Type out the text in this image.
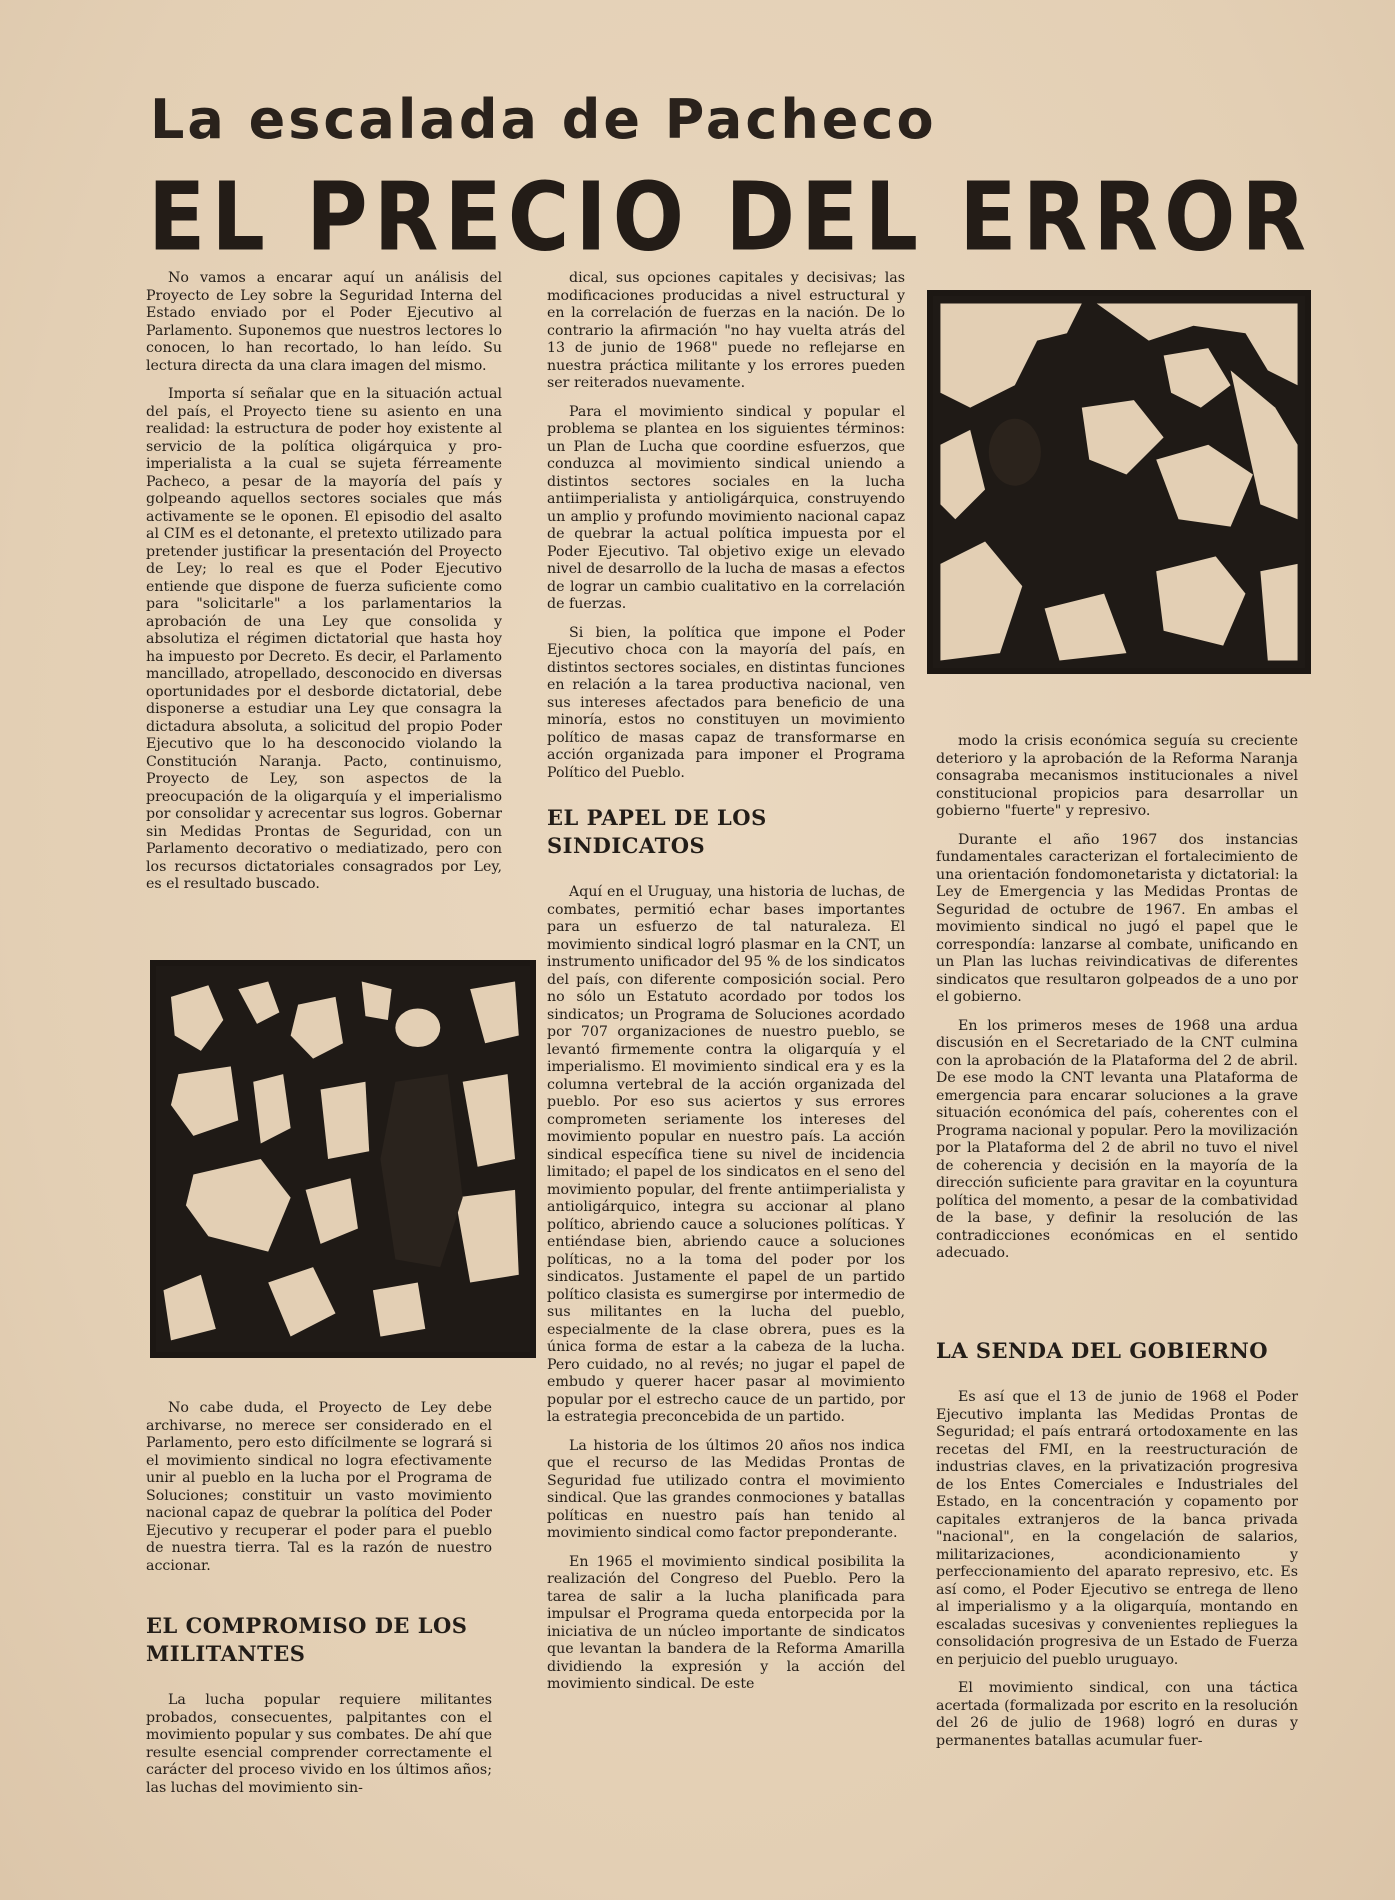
La escalada de Pacheco
EL PRECIO DEL ERROR

No vamos a encarar aquí un análisis del Proyecto de Ley sobre la Seguridad Interna del Estado enviado por el Poder Ejecutivo al Parlamento. Suponemos que nuestros lectores lo conocen, lo han recortado, lo han leído. Su lectura directa da una clara imagen del mismo.

Importa sí señalar que en la situación actual del país, el Proyecto tiene su asiento en una realidad: la estructura de poder hoy existente al servicio de la política oligárquica y pro-imperialista a la cual se sujeta férreamente Pacheco, a pesar de la mayoría del país y golpeando aquellos sectores sociales que más activamente se le oponen. El episodio del asalto al CIM es el detonante, el pretexto utilizado para pretender justificar la presentación del Proyecto de Ley; lo real es que el Poder Ejecutivo entiende que dispone de fuerza suficiente como para "solicitarle" a los parlamentarios la aprobación de una Ley que consolida y absolutiza el régimen dictatorial que hasta hoy ha impuesto por Decreto. Es decir, el Parlamento mancillado, atropellado, desconocido en diversas oportunidades por el desborde dictatorial, debe disponerse a estudiar una Ley que consagra la dictadura absoluta, a solicitud del propio Poder Ejecutivo que lo ha desconocido violando la Constitución Naranja. Pacto, continuismo, Proyecto de Ley, son aspectos de la preocupación de la oligarquía y el imperialismo por consolidar y acrecentar sus logros. Gobernar sin Medidas Prontas de Seguridad, con un Parlamento decorativo o mediatizado, pero con los recursos dictatoriales consagrados por Ley, es el resultado buscado.

No cabe duda, el Proyecto de Ley debe archivarse, no merece ser considerado en el Parlamento, pero esto difícilmente se logrará si el movimiento sindical no logra efectivamente unir al pueblo en la lucha por el Programa de Soluciones; constituir un vasto movimiento nacional capaz de quebrar la política del Poder Ejecutivo y recuperar el poder para el pueblo de nuestra tierra. Tal es la razón de nuestro accionar.

EL COMPROMISO DE LOS MILITANTES

La lucha popular requiere militantes probados, consecuentes, palpitantes con el movimiento popular y sus combates. De ahí que resulte esencial comprender correctamente el carácter del proceso vivido en los últimos años; las luchas del movimiento sin-

dical, sus opciones capitales y decisivas; las modificaciones producidas a nivel estructural y en la correlación de fuerzas en la nación. De lo contrario la afirmación "no hay vuelta atrás del 13 de junio de 1968" puede no reflejarse en nuestra práctica militante y los errores pueden ser reiterados nuevamente.

Para el movimiento sindical y popular el problema se plantea en los siguientes términos: un Plan de Lucha que coordine esfuerzos, que conduzca al movimiento sindical uniendo a distintos sectores sociales en la lucha antiimperialista y antioligárquica, construyendo un amplio y profundo movimiento nacional capaz de quebrar la actual política impuesta por el Poder Ejecutivo. Tal objetivo exige un elevado nivel de desarrollo de la lucha de masas a efectos de lograr un cambio cualitativo en la correlación de fuerzas.

Si bien, la política que impone el Poder Ejecutivo choca con la mayoría del país, en distintos sectores sociales, en distintas funciones en relación a la tarea productiva nacional, ven sus intereses afectados para beneficio de una minoría, estos no constituyen un movimiento político de masas capaz de transformarse en acción organizada para imponer el Programa Político del Pueblo.

EL PAPEL DE LOS SINDICATOS

Aquí en el Uruguay, una historia de luchas, de combates, permitió echar bases importantes para un esfuerzo de tal naturaleza. El movimiento sindical logró plasmar en la CNT, un instrumento unificador del 95 % de los sindicatos del país, con diferente composición social. Pero no sólo un Estatuto acordado por todos los sindicatos; un Programa de Soluciones acordado por 707 organizaciones de nuestro pueblo, se levantó firmemente contra la oligarquía y el imperialismo. El movimiento sindical era y es la columna vertebral de la acción organizada del pueblo. Por eso sus aciertos y sus errores comprometen seriamente los intereses del movimiento popular en nuestro país. La acción sindical específica tiene su nivel de incidencia limitado; el papel de los sindicatos en el seno del movimiento popular, del frente antiimperialista y antioligárquico, integra su accionar al plano político, abriendo cauce a soluciones políticas. Y entiéndase bien, abriendo cauce a soluciones políticas, no a la toma del poder por los sindicatos. Justamente el papel de un partido político clasista es sumergirse por intermedio de sus militantes en la lucha del pueblo, especialmente de la clase obrera, pues es la única forma de estar a la cabeza de la lucha. Pero cuidado, no al revés; no jugar el papel de embudo y querer hacer pasar al movimiento popular por el estrecho cauce de un partido, por la estrategia preconcebida de un partido.

La historia de los últimos 20 años nos indica que el recurso de las Medidas Prontas de Seguridad fue utilizado contra el movimiento sindical. Que las grandes conmociones y batallas políticas en nuestro país han tenido al movimiento sindical como factor preponderante.

En 1965 el movimiento sindical posibilita la realización del Congreso del Pueblo. Pero la tarea de salir a la lucha planificada para impulsar el Programa queda entorpecida por la iniciativa de un núcleo importante de sindicatos que levantan la bandera de la Reforma Amarilla dividiendo la expresión y la acción del movimiento sindical. De este

modo la crisis económica seguía su creciente deterioro y la aprobación de la Reforma Naranja consagraba mecanismos institucionales a nivel constitucional propicios para desarrollar un gobierno "fuerte" y represivo.

Durante el año 1967 dos instancias fundamentales caracterizan el fortalecimiento de una orientación fondomonetarista y dictatorial: la Ley de Emergencia y las Medidas Prontas de Seguridad de octubre de 1967. En ambas el movimiento sindical no jugó el papel que le correspondía: lanzarse al combate, unificando en un Plan las luchas reivindicativas de diferentes sindicatos que resultaron golpeados de a uno por el gobierno.

En los primeros meses de 1968 una ardua discusión en el Secretariado de la CNT culmina con la aprobación de la Plataforma del 2 de abril. De ese modo la CNT levanta una Plataforma de emergencia para encarar soluciones a la grave situación económica del país, coherentes con el Programa nacional y popular. Pero la movilización por la Plataforma del 2 de abril no tuvo el nivel de coherencia y decisión en la mayoría de la dirección suficiente para gravitar en la coyuntura política del momento, a pesar de la combatividad de la base, y definir la resolución de las contradicciones económicas en el sentido adecuado.

LA SENDA DEL GOBIERNO

Es así que el 13 de junio de 1968 el Poder Ejecutivo implanta las Medidas Prontas de Seguridad; el país entrará ortodoxamente en las recetas del FMI, en la reestructuración de industrias claves, en la privatización progresiva de los Entes Comerciales e Industriales del Estado, en la concentración y copamento por capitales extranjeros de la banca privada "nacional", en la congelación de salarios, militarizaciones, acondicionamiento y perfeccionamiento del aparato represivo, etc. Es así como, el Poder Ejecutivo se entrega de lleno al imperialismo y a la oligarquía, montando en escaladas sucesivas y convenientes repliegues la consolidación progresiva de un Estado de Fuerza en perjuicio del pueblo uruguayo.

El movimiento sindical, con una táctica acertada (formalizada por escrito en la resolución del 26 de julio de 1968) logró en duras y permanentes batallas acumular fuer-
